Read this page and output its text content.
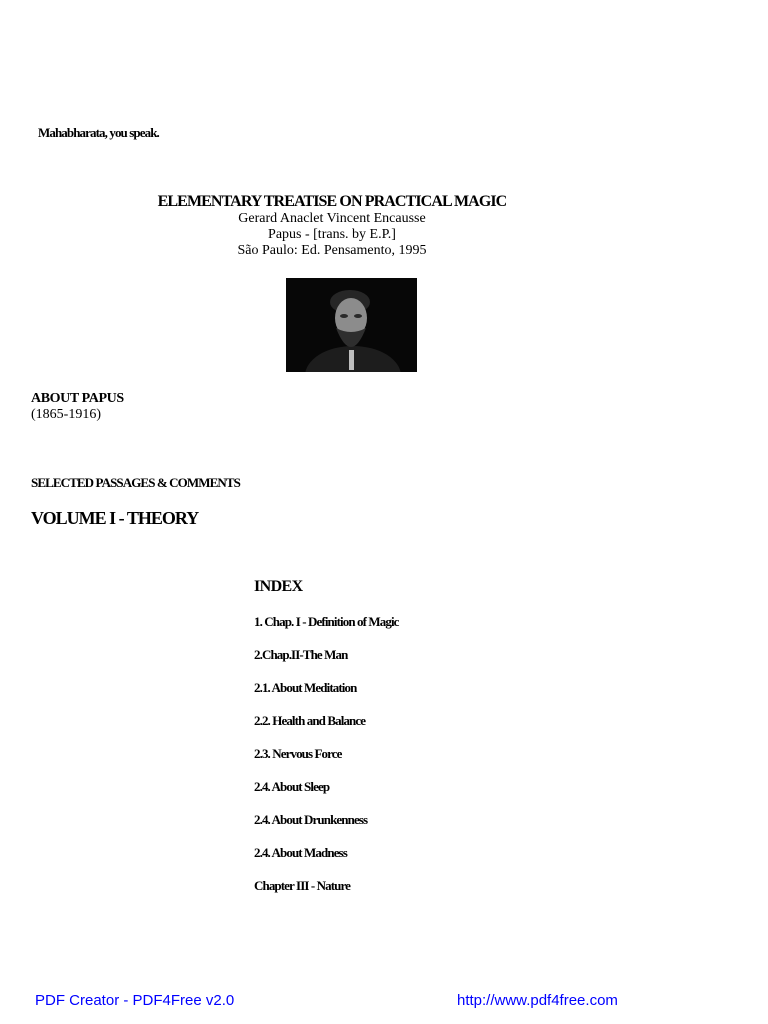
Mahabharata, you speak.
ELEMENTARY TREATISE ON PRACTICAL MAGIC
Gerard Anaclet Vincent Encausse
Papus - [trans. by E.P.]
São Paulo: Ed. Pensamento, 1995
ABOUT PAPUS
(1865-1916)
SELECTED PASSAGES & COMMENTS
VOLUME I - THEORY
INDEX
1. Chap. I - Definition of Magic
2.Chap.II-The Man
2.1. About Meditation
2.2. Health and Balance
2.3. Nervous Force
2.4. About Sleep
2.4. About Drunkenness
2.4. About Madness
Chapter III - Nature
PDF Creator - PDF4Free v2.0	http://www.pdf4free.com
